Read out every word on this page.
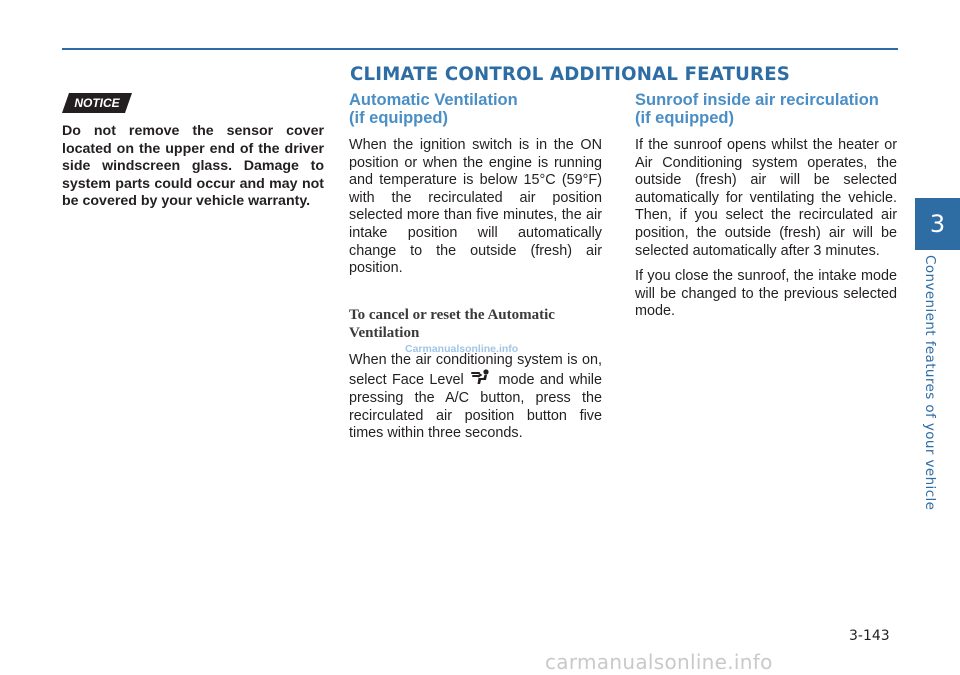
CLIMATE CONTROL ADDITIONAL FEATURES
NOTICE

Do not remove the sensor cover located on the upper end of the driver side windscreen glass. Damage to system parts could occur and may not be covered by your vehicle warranty.

Automatic Ventilation
(if equipped)

When the ignition switch is in the ON position or when the engine is running and temperature is below 15°C (59°F) with the recirculated air position selected more than five minutes, the air intake position will automatically change to the outside (fresh) air position.

To cancel or reset the Automatic Ventilation

When the air conditioning system is on, select Face Level mode and while pressing the A/C button, press the recirculated air position button five times within three seconds.

Carmanualsonline.info
Sunroof inside air recirculation
(if equipped)

If the sunroof opens whilst the heater or Air Conditioning system operates, the outside (fresh) air will be selected automatically for ventilating the vehicle. Then, if you select the recirculated air position, the outside (fresh) air will be selected automatically after 3 minutes.

If you close the sunroof, the intake mode will be changed to the previous selected mode.

3
Convenient features of your vehicle
3-143
carmanualsonline.info
